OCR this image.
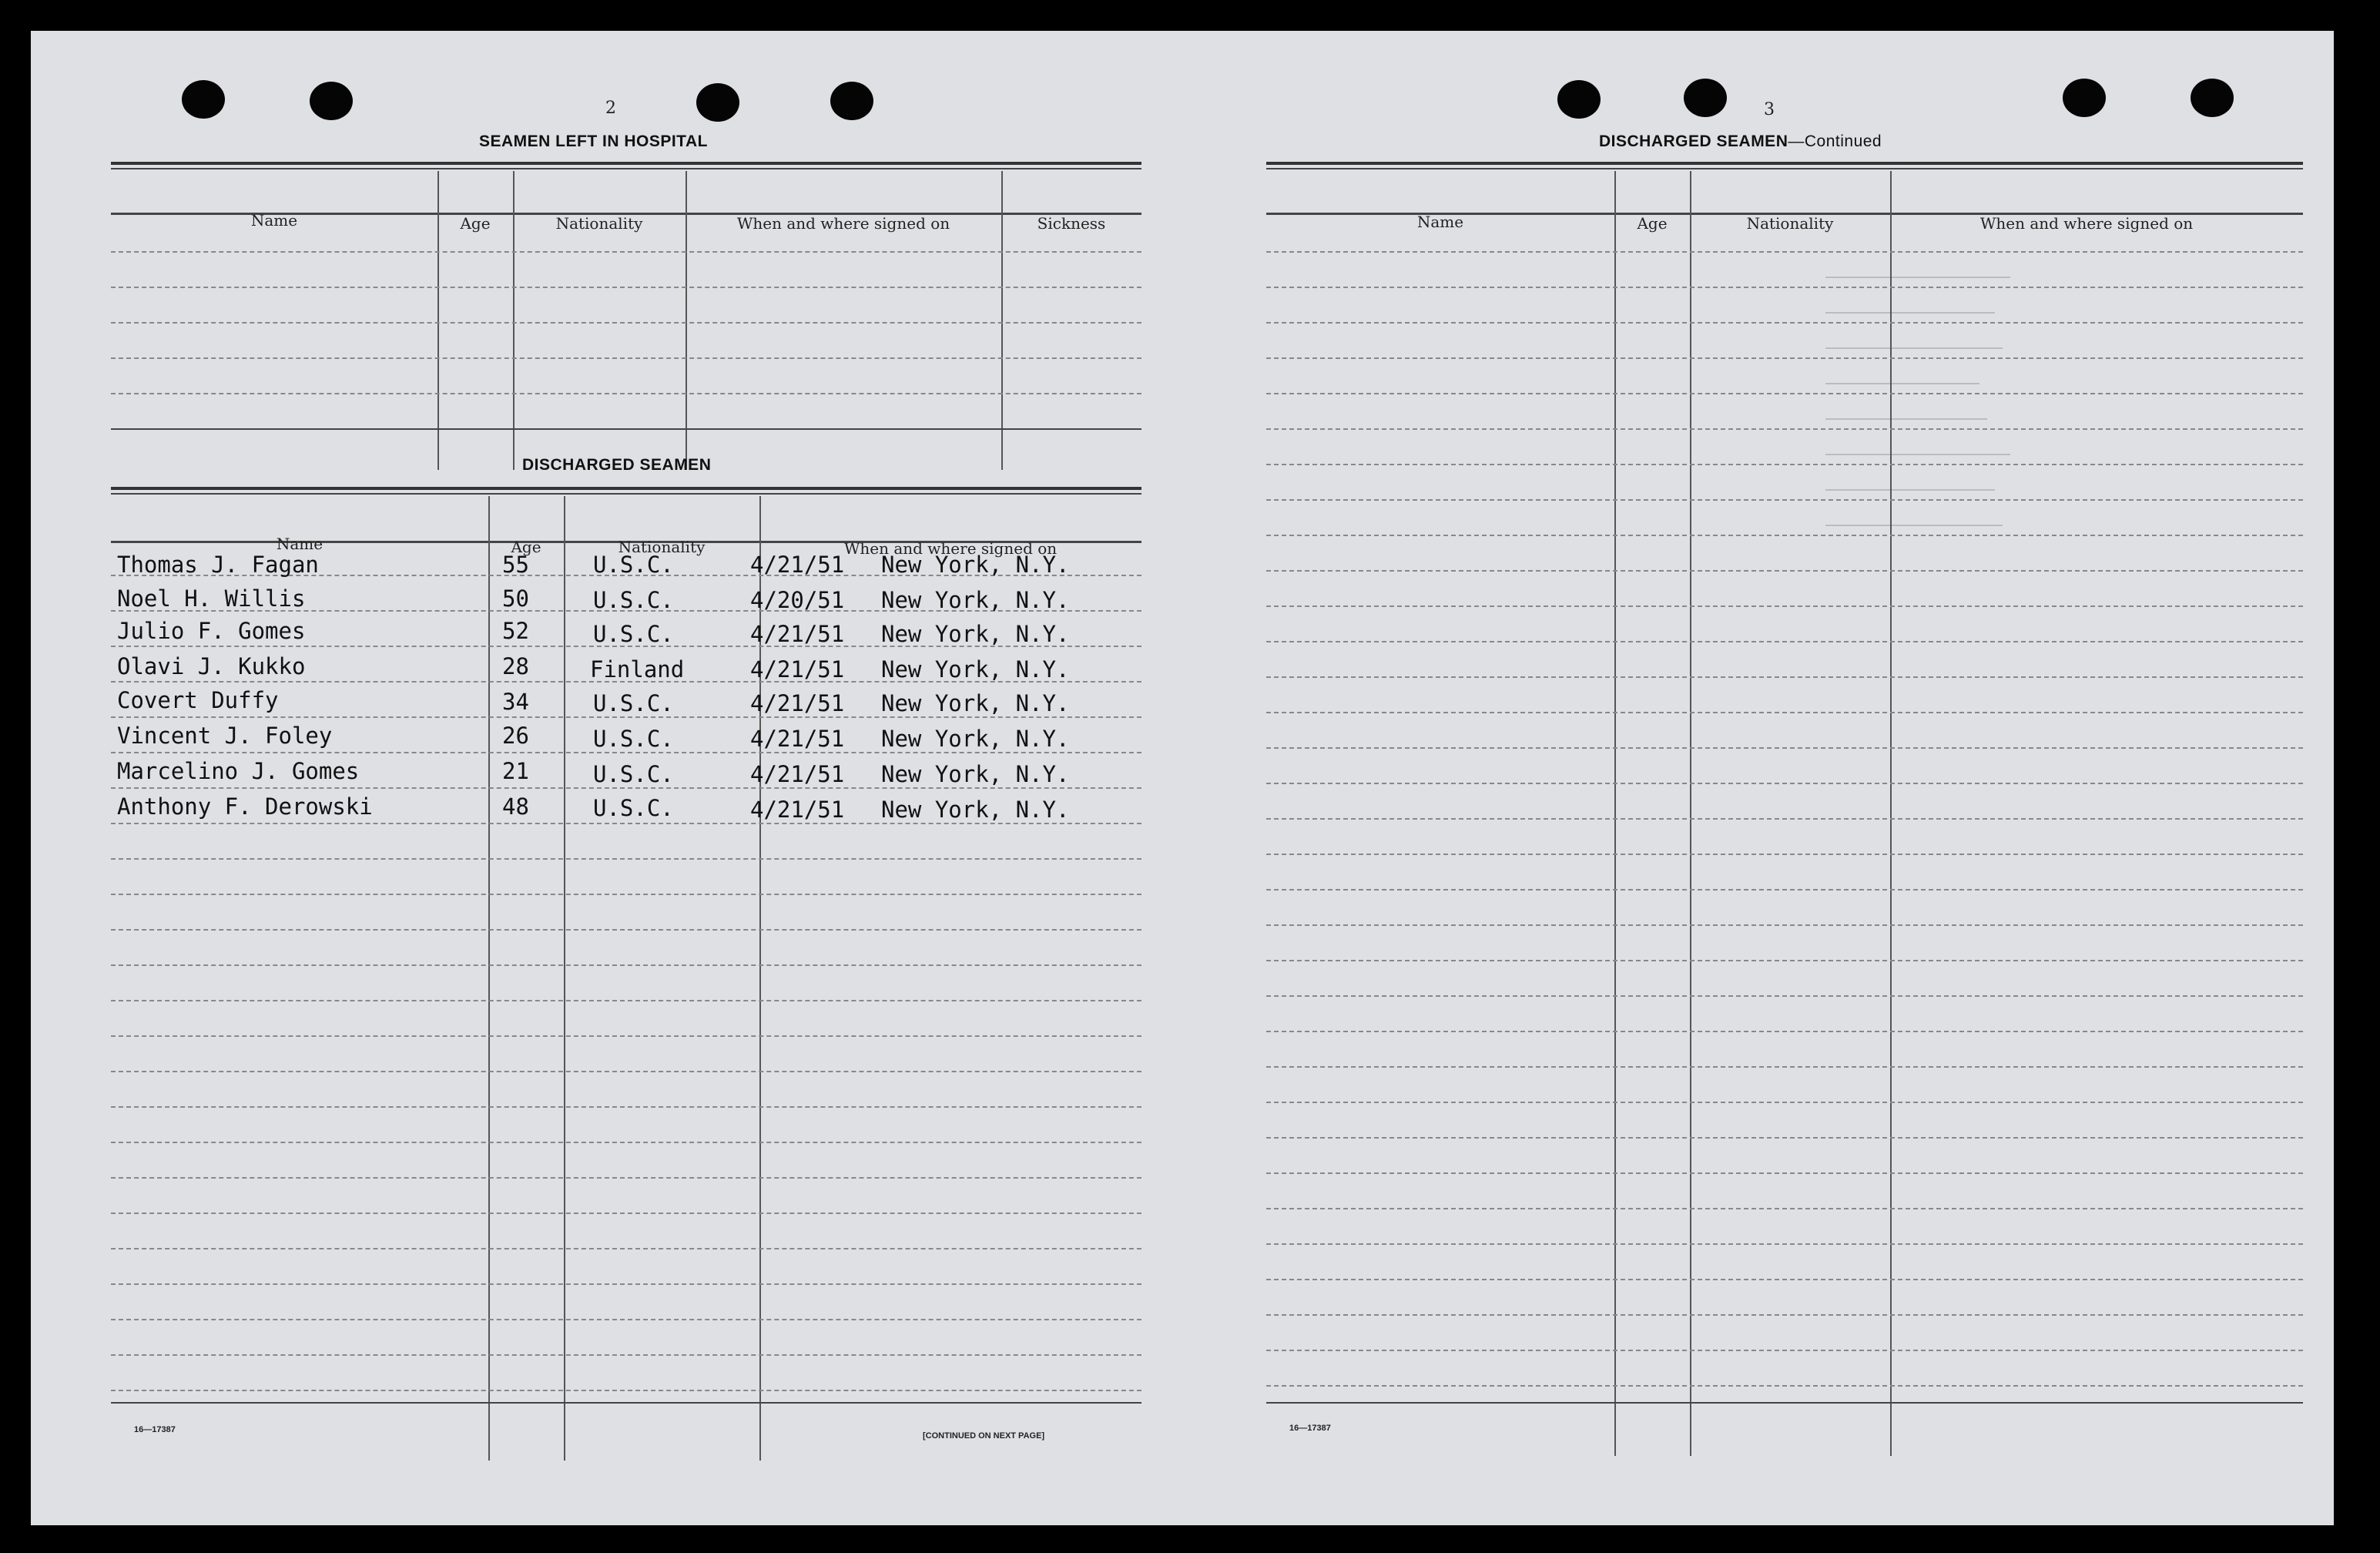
2
SEAMEN LEFT IN HOSPITAL
Name	Age	Nationality	When and where signed on	Sickness
DISCHARGED SEAMEN
Name	Age	Nationality	When and where signed on
Thomas J. Fagan	55	U.S.C.	4/21/51 New York, N.Y.
Noel H. Willis	50	U.S.C.	4/20/51 New York, N.Y.
Julio F. Gomes	52	U.S.C.	4/21/51 New York, N.Y.
Olavi J. Kukko	28	Finland	4/21/51 New York, N.Y.
Covert Duffy	34	U.S.C.	4/21/51 New York, N.Y.
Vincent J. Foley	26	U.S.C.	4/21/51 New York, N.Y.
Marcelino J. Gomes	21	U.S.C.	4/21/51 New York, N.Y.
Anthony F. Derowski	48	U.S.C.	4/21/51 New York, N.Y.
16—17387
[CONTINUED ON NEXT PAGE]
3
DISCHARGED SEAMEN—Continued
Name	Age	Nationality	When and where signed on
16—17387
